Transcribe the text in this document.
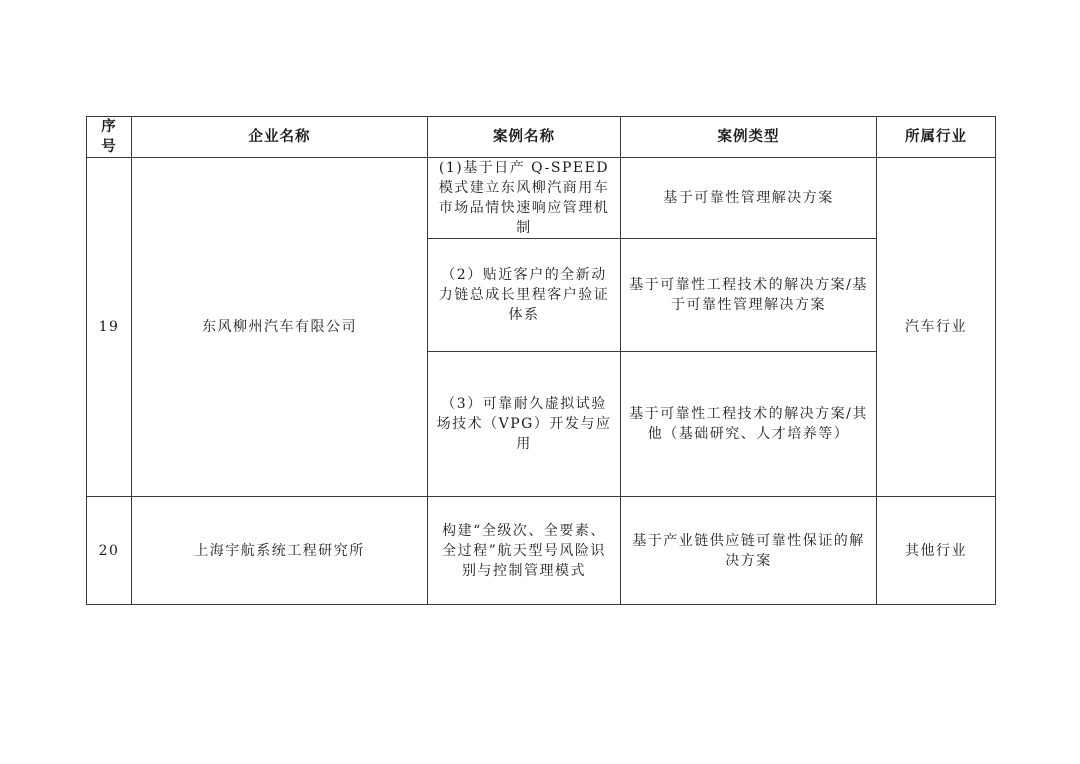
序号	企业名称	案例名称	案例类型	所属行业
19	东风柳州汽车有限公司	(1)基于日产 Q-SPEED 模式建立东风柳汽商用车市场品情快速响应管理机制	基于可靠性管理解决方案	汽车行业
		（2）贴近客户的全新动力链总成长里程客户验证体系	基于可靠性工程技术的解决方案/基于可靠性管理解决方案	
		（3）可靠耐久虚拟试验场技术（VPG）开发与应用	基于可靠性工程技术的解决方案/其他（基础研究、人才培养等）	
20	上海宇航系统工程研究所	构建“全级次、全要素、全过程”航天型号风险识别与控制管理模式	基于产业链供应链可靠性保证的解决方案	其他行业
